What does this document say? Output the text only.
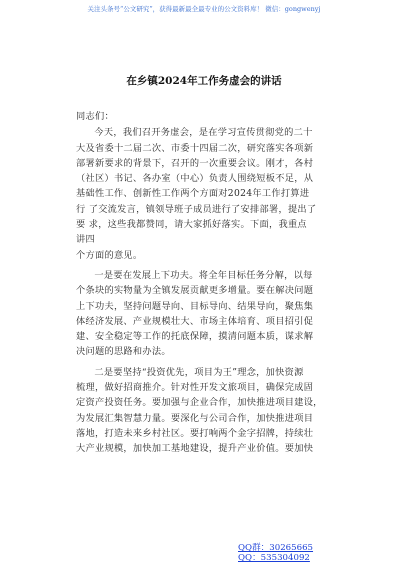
关注头条号“公文研究”，获得最新最全最专业的公文资料库！ 微信：gongwenyj
在乡镇2024年工作务虚会的讲话

同志们：

今天，我们召开务虚会，是在学习宣传贯彻党的二十

大及省委十二届二次、市委十四届二次，研究落实各项新

部署新要求的背景下，召开的一次重要会议。刚才，各村

（社区）书记、各办室（中心）负责人围绕短板不足，从

基础性工作、创新性工作两个方面对2024年工作打算进

行 了交流发言，镇领导班子成员进行了安排部署，提出了

要 求，这些我都赞同，请大家抓好落实。下面，我重点

讲四

个方面的意见。

一是要在发展上下功夫。将全年目标任务分解，以每

个条块的实物量为全镇发展贡献更多增量。要在解决问题

上下功夫，坚持问题导向、目标导向、结果导向，聚焦集

体经济发展、产业规模壮大、市场主体培育、项目招引促

建、安全稳定等工作的托底保障，摸清问题本质，谋求解

决问题的思路和办法。

二是要坚持“投资优先，项目为王”理念，加快资源

梳理，做好招商推介。针对性开发文旅项目，确保完成固

定资产投资任务。要加强与企业合作，加快推进项目建设，

为发展汇集智慧力量。要深化与公司合作，加快推进项目

落地，打造未来乡村社区。要打响两个金字招牌，持续壮

大产业规模，加快加工基地建设，提升产业价值。要加快

QQ群：30265665
QQ：535304092
